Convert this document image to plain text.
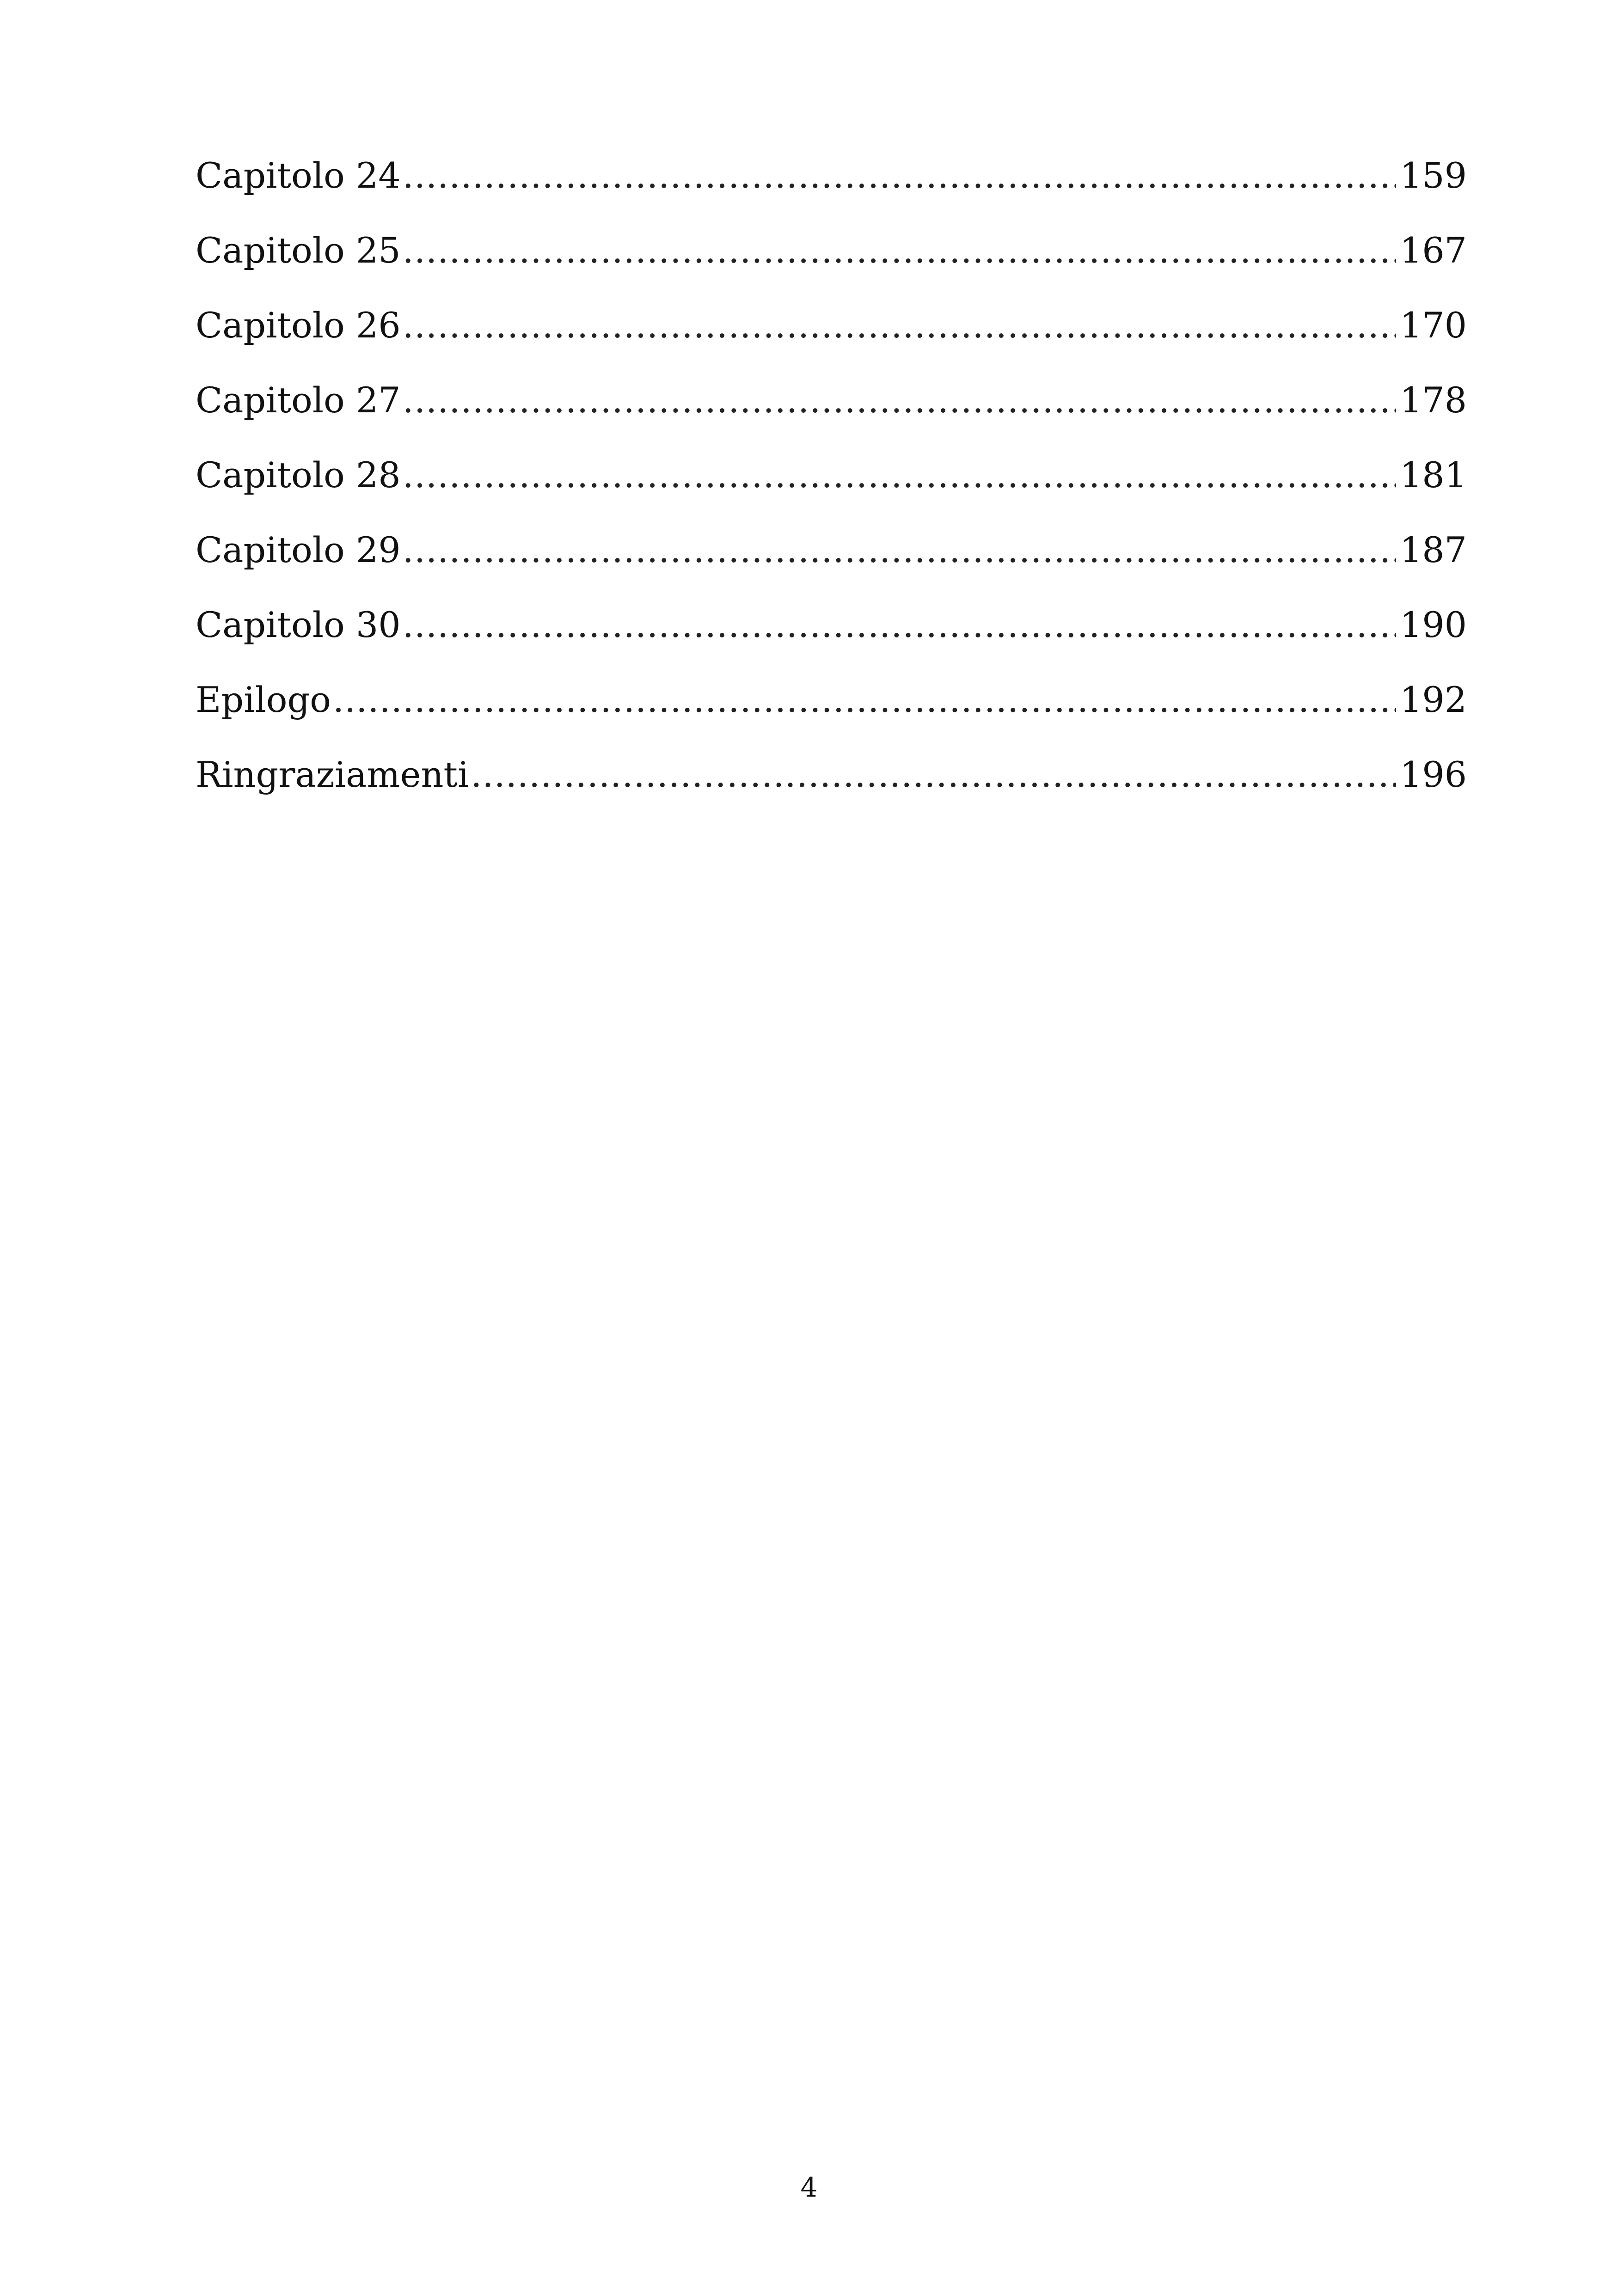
Capitolo 24 .....	159
Capitolo 25 .....	167
Capitolo 26 .....	170
Capitolo 27 .....	178
Capitolo 28 .....	181
Capitolo 29 .....	187
Capitolo 30 .....	190
Epilogo .....	192
Ringraziamenti .....	196
4
